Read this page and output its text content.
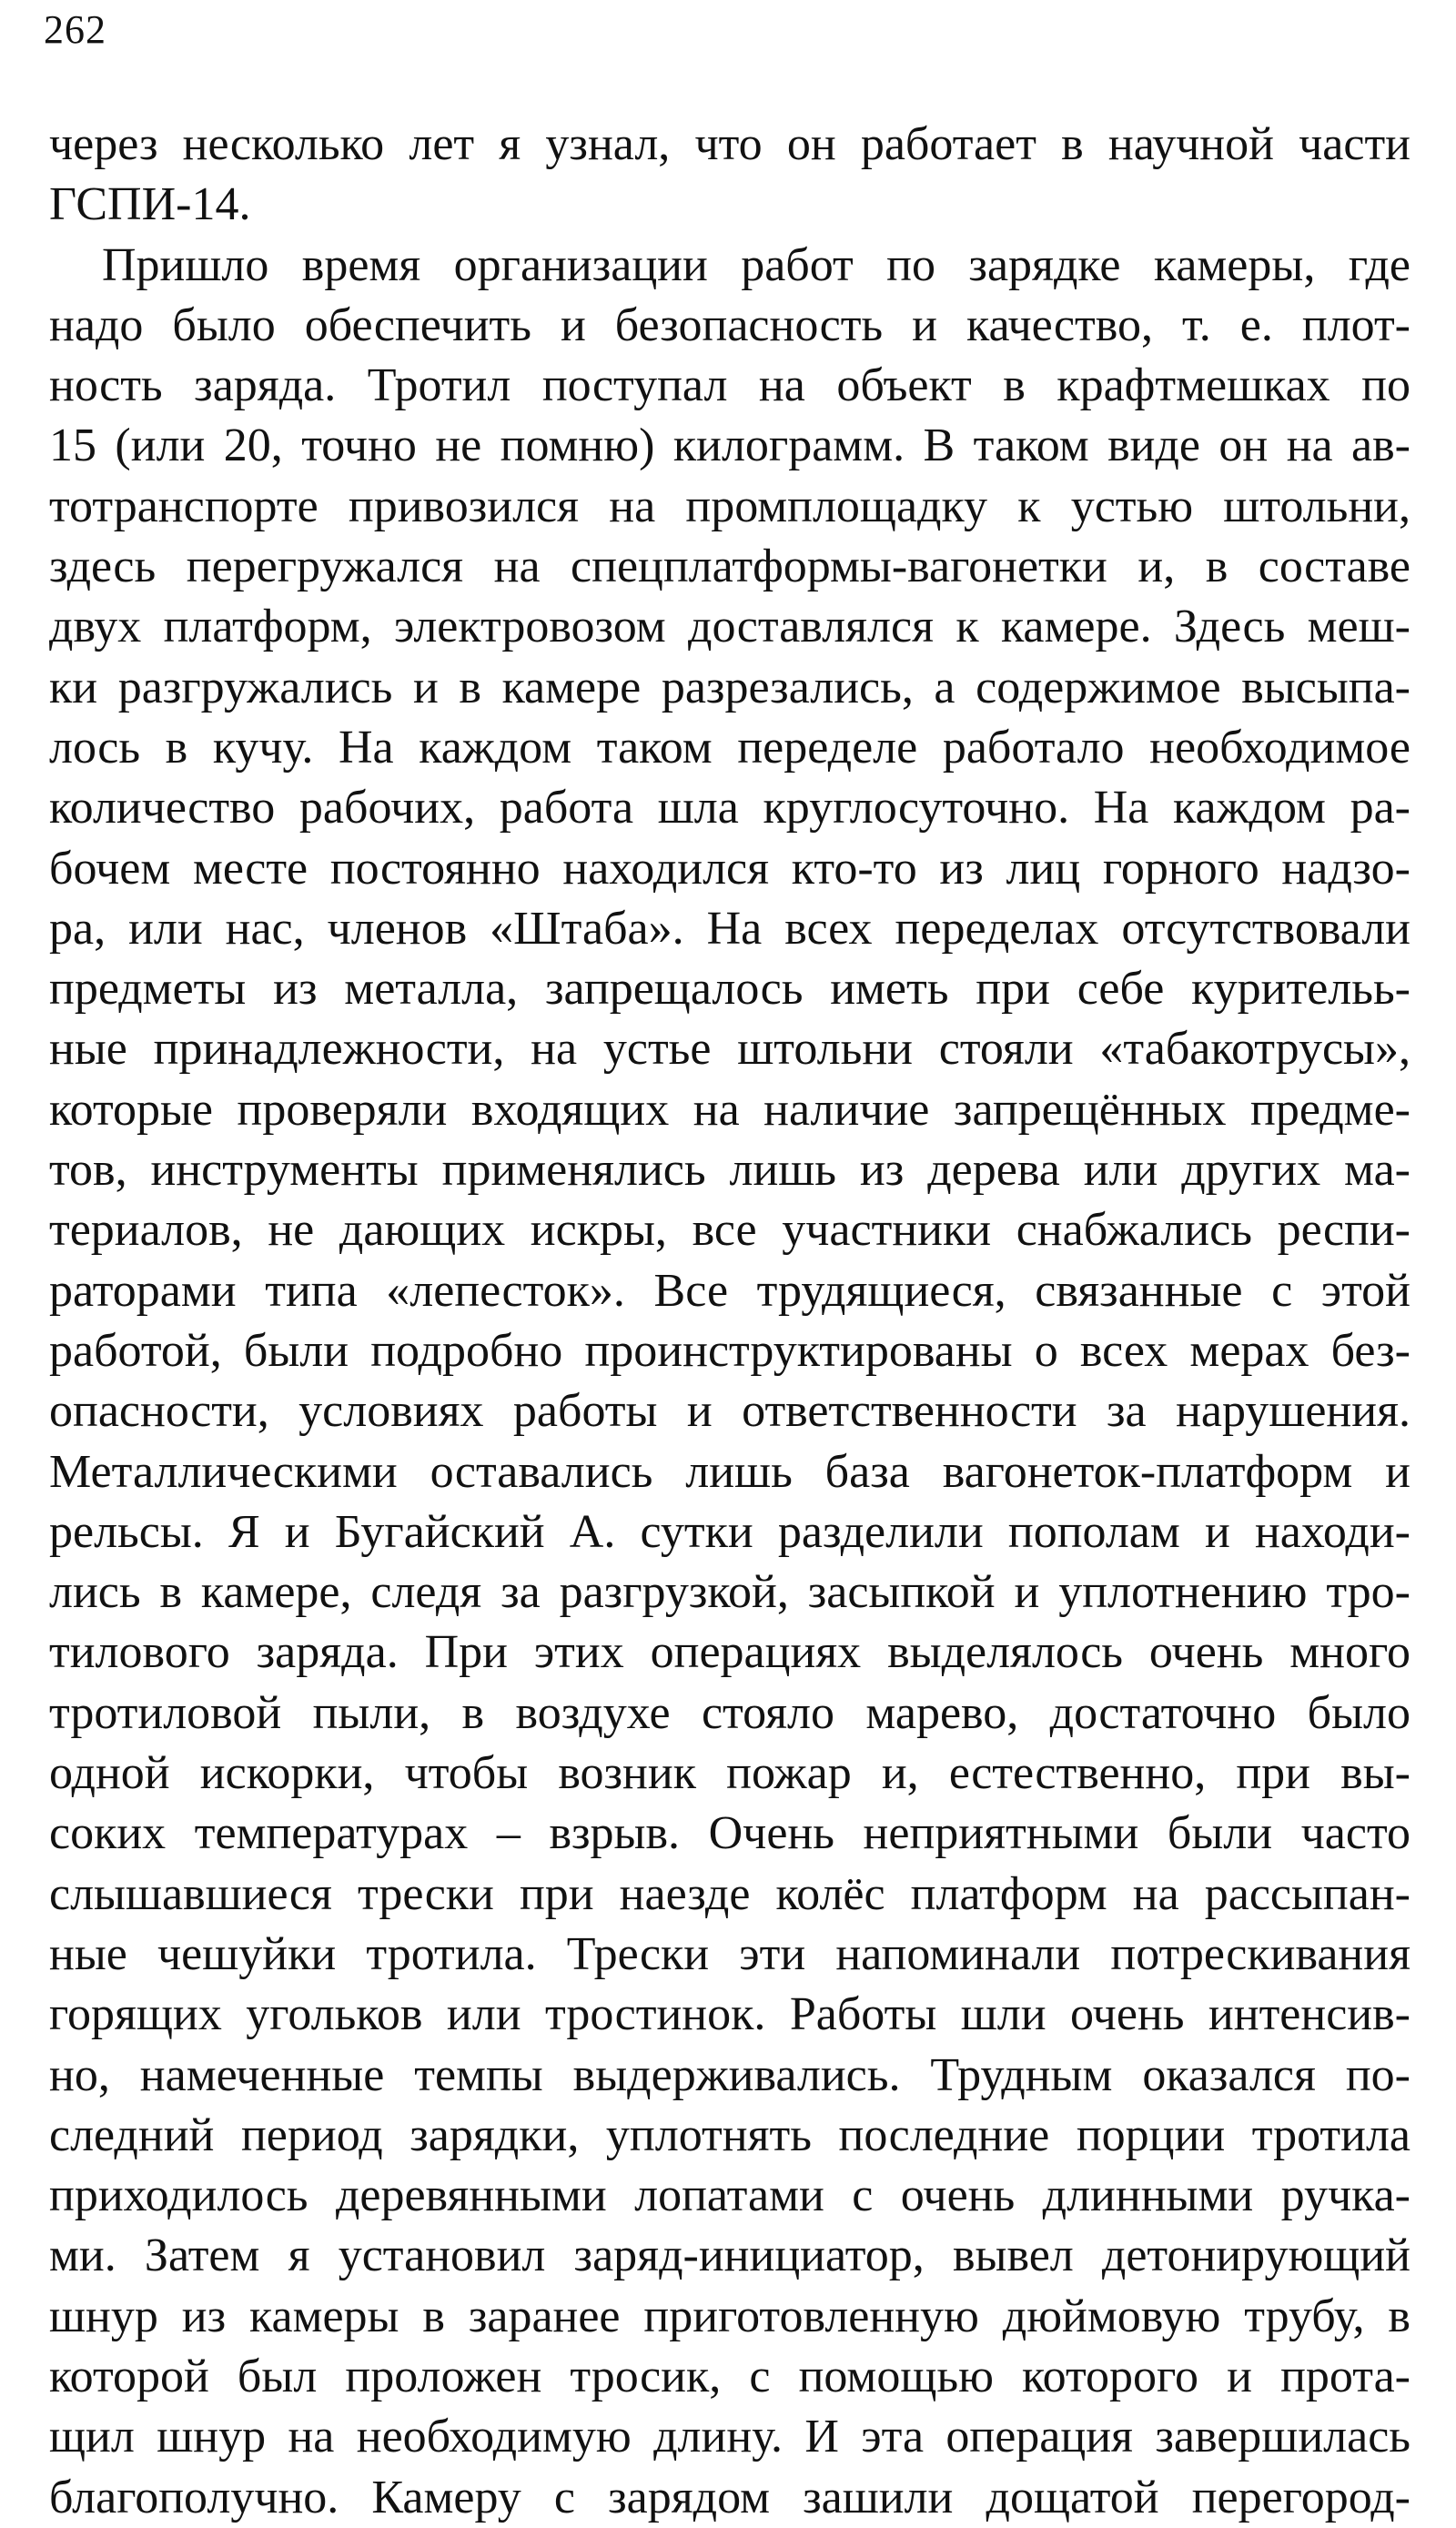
262
через несколько лет я узнал, что он работает в научной части
ГСПИ-14.
Пришло время организации работ по зарядке камеры, где
надо было обеспечить и безопасность и качество, т. е. плот-
ность заряда. Тротил поступал на объект в крафтмешках по
15 (или 20, точно не помню) килограмм. В таком виде он на ав-
тотранспорте привозился на промплощадку к устью штольни,
здесь перегружался на спецплатформы-вагонетки и, в составе
двух платформ, электровозом доставлялся к камере. Здесь меш-
ки разгружались и в камере разрезались, а содержимое высыпа-
лось в кучу. На каждом таком переделе работало необходимое
количество рабочих, работа шла круглосуточно. На каждом ра-
бочем месте постоянно находился кто-то из лиц горного надзо-
ра, или нас, членов «Штаба». На всех переделах отсутствовали
предметы из металла, запрещалось иметь при себе курительь-
ные принадлежности, на устье штольни стояли «табакотрусы»,
которые проверяли входящих на наличие запрещённых предме-
тов, инструменты применялись лишь из дерева или других ма-
териалов, не дающих искры, все участники снабжались респи-
раторами типа «лепесток». Все трудящиеся, связанные с этой
работой, были подробно проинструктированы о всех мерах без-
опасности, условиях работы и ответственности за нарушения.
Металлическими оставались лишь база вагонеток-платформ и
рельсы. Я и Бугайский А. сутки разделили пополам и находи-
лись в камере, следя за разгрузкой, засыпкой и уплотнению тро-
тилового заряда. При этих операциях выделялось очень много
тротиловой пыли, в воздухе стояло марево, достаточно было
одной искорки, чтобы возник пожар и, естественно, при вы-
соких температурах – взрыв. Очень неприятными были часто
слышавшиеся трески при наезде колёс платформ на рассыпан-
ные чешуйки тротила. Трески эти напоминали потрескивания
горящих угольков или тростинок. Работы шли очень интенсив-
но, намеченные темпы выдерживались. Трудным оказался по-
следний период зарядки, уплотнять последние порции тротила
приходилось деревянными лопатами с очень длинными ручка-
ми. Затем я установил заряд-инициатор, вывел детонирующий
шнур из камеры в заранее приготовленную дюймовую трубу, в
которой был проложен тросик, с помощью которого и прота-
щил шнур на необходимую длину. И эта операция завершилась
благополучно. Камеру с зарядом зашили дощатой перегород-
